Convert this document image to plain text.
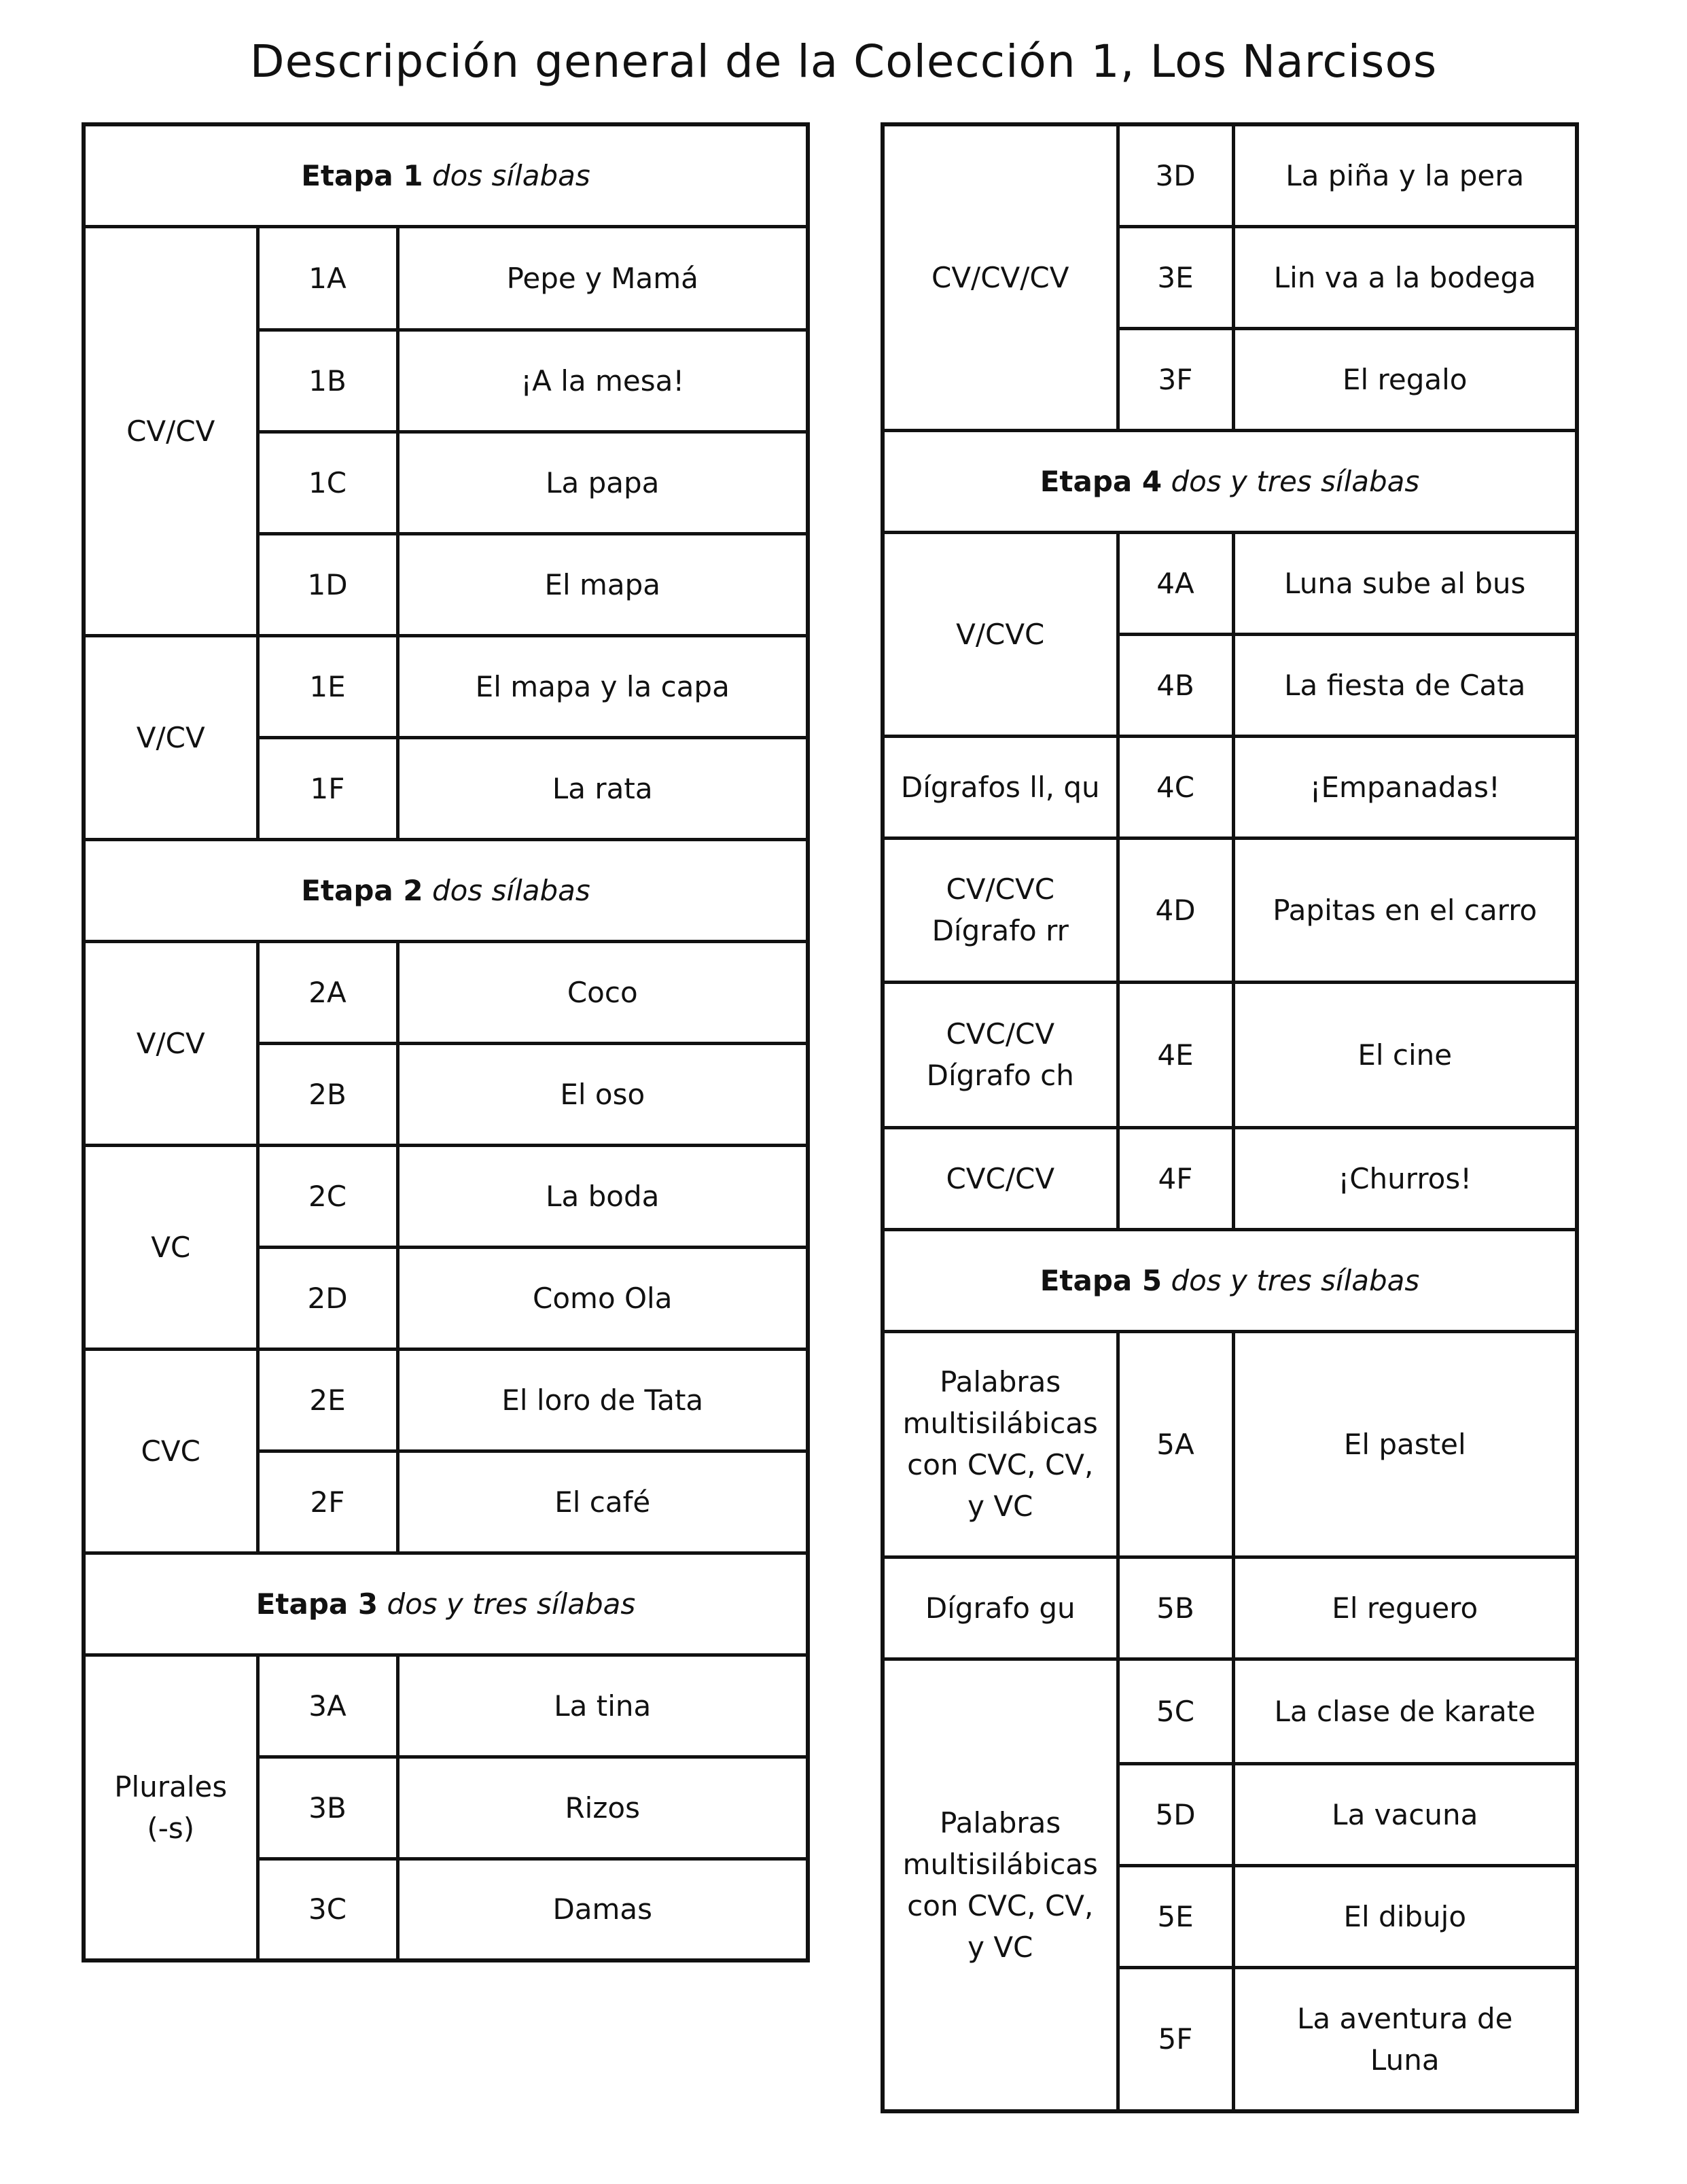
Descripción general de la Colección 1, Los Narcisos
Etapa 1 dos sílabas		
CV/CV	1A	Pepe y Mamá
	1B	¡A la mesa!
	1C	La papa
	1D	El mapa
V/CV	1E	El mapa y la capa
	1F	La rata
Etapa 2 dos sílabas		
V/CV	2A	Coco
	2B	El oso
VC	2C	La boda
	2D	Como Ola
CVC	2E	El loro de Tata
	2F	El café
Etapa 3 dos y tres sílabas		
Plurales
(-s)	3A	La tina
	3B	Rizos
	3C	Damas
CV/CV/CV	3D	La piña y la pera
	3E	Lin va a la bodega
	3F	El regalo
Etapa 4 dos y tres sílabas		
V/CVC	4A	Luna sube al bus
	4B	La fiesta de Cata
Dígrafos ll, qu	4C	¡Empanadas!
CV/CVC
Dígrafo rr	4D	Papitas en el carro
CVC/CV
Dígrafo ch	4E	El cine
CVC/CV	4F	¡Churros!
Etapa 5 dos y tres sílabas		
Palabras
multisilábicas
con CVC, CV,
y VC	5A	El pastel
Dígrafo gu	5B	El reguero
Palabras
multisilábicas
con CVC, CV,
y VC	5C	La clase de karate
	5D	La vacuna
	5E	El dibujo
	5F	La aventura de
Luna
